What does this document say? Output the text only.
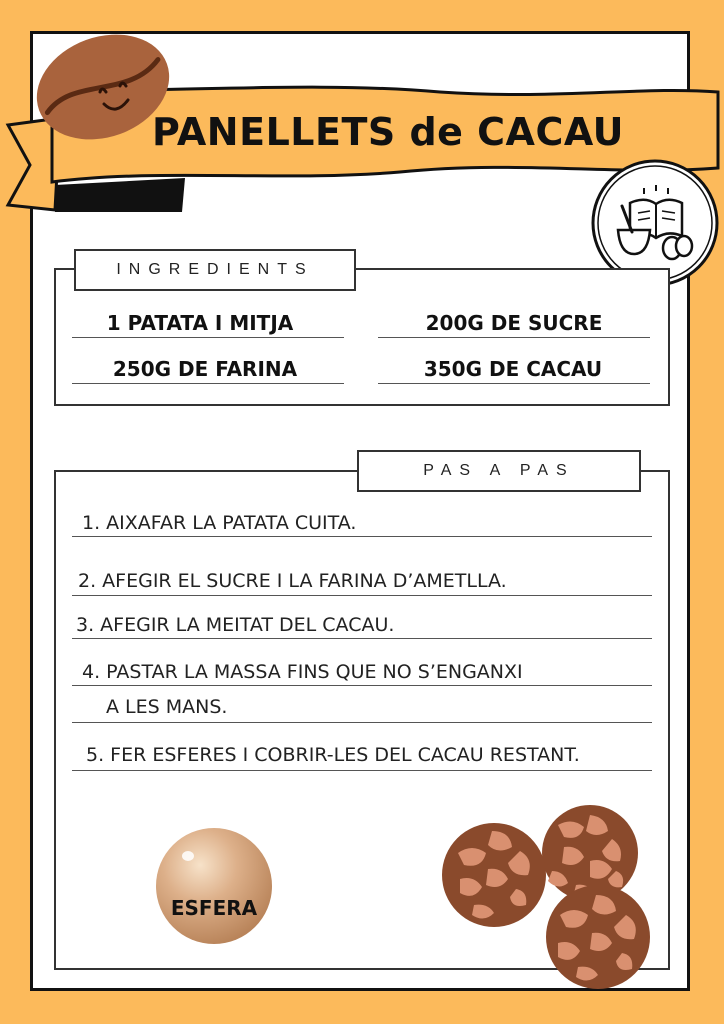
PANELLETS de CACAU
INGREDIENTS
1 PATATA I MITJA	200G DE SUCRE
250G DE FARINA	350G DE CACAU
PAS A PAS
1. AIXAFAR LA PATATA CUITA.
2. AFEGIR EL SUCRE I LA FARINA D’AMETLLA.
3. AFEGIR LA MEITAT DEL CACAU.
4. PASTAR LA MASSA FINS QUE NO S’ENGANXI
A LES MANS.
5. FER ESFERES I COBRIR-LES DEL CACAU RESTANT.
ESFERA
